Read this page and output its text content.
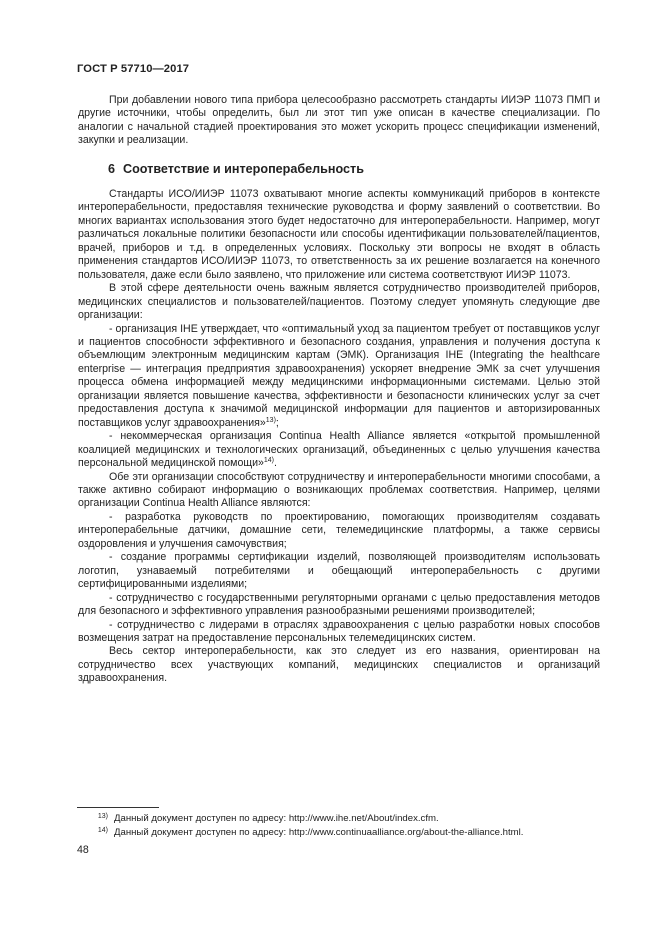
ГОСТ Р 57710—2017

При добавлении нового типа прибора целесообразно рассмотреть стандарты ИИЭР 11073 ПМП и другие источники, чтобы определить, был ли этот тип уже описан в качестве специализации. По аналогии с начальной стадией проектирования это может ускорить процесс спецификации изменений, закупки и реализации.

6 Соответствие и интероперабельность

Стандарты ИСО/ИИЭР 11073 охватывают многие аспекты коммуникаций приборов в контексте интероперабельности, предоставляя технические руководства и форму заявлений о соответствии. Во многих вариантах использования этого будет недостаточно для интероперабельности. Например, могут различаться локальные политики безопасности или способы идентификации пользователей/пациентов, врачей, приборов и т.д. в определенных условиях. Поскольку эти вопросы не входят в область применения стандартов ИСО/ИИЭР 11073, то ответственность за их решение возлагается на конечного пользователя, даже если было заявлено, что приложение или система соответствуют ИИЭР 11073.

В этой сфере деятельности очень важным является сотрудничество производителей приборов, медицинских специалистов и пользователей/пациентов. Поэтому следует упомянуть следующие две организации:

- организация IHE утверждает, что «оптимальный уход за пациентом требует от поставщиков услуг и пациентов способности эффективного и безопасного создания, управления и получения доступа к объемлющим электронным медицинским картам (ЭМК). Организация IHE (Integrating the healthcare enterprise — интеграция предприятия здравоохранения) ускоряет внедрение ЭМК за счет улучшения процесса обмена информацией между медицинскими информационными системами. Целью этой организации является повышение качества, эффективности и безопасности клинических услуг за счет предоставления доступа к значимой медицинской информации для пациентов и авторизированных поставщиков услуг здравоохранения»$^{13)}$;

- некоммерческая организация Continua Health Alliance является «открытой промышленной коалицией медицинских и технологических организаций, объединенных с целью улучшения качества персональной медицинской помощи»$^{14)}$.

Обе эти организации способствуют сотрудничеству и интероперабельности многими способами, а также активно собирают информацию о возникающих проблемах соответствия. Например, целями организации Continua Health Alliance являются:

- разработка руководств по проектированию, помогающих производителям создавать интероперабельные датчики, домашние сети, телемедицинские платформы, а также сервисы оздоровления и улучшения самочувствия;

- создание программы сертификации изделий, позволяющей производителям использовать логотип, узнаваемый потребителями и обещающий интероперабельность с другими сертифицированными изделиями;

- сотрудничество с государственными регуляторными органами с целью предоставления методов для безопасного и эффективного управления разнообразными решениями производителей;

- сотрудничество с лидерами в отраслях здравоохранения с целью разработки новых способов возмещения затрат на предоставление персональных телемедицинских систем.

Весь сектор интероперабельности, как это следует из его названия, ориентирован на сотрудничество всех участвующих компаний, медицинских специалистов и организаций здравоохранения.

13) Данный документ доступен по адресу: http://www.ihe.net/About/index.cfm.
14) Данный документ доступен по адресу: http://www.continuaalliance.org/about-the-alliance.html.
48
